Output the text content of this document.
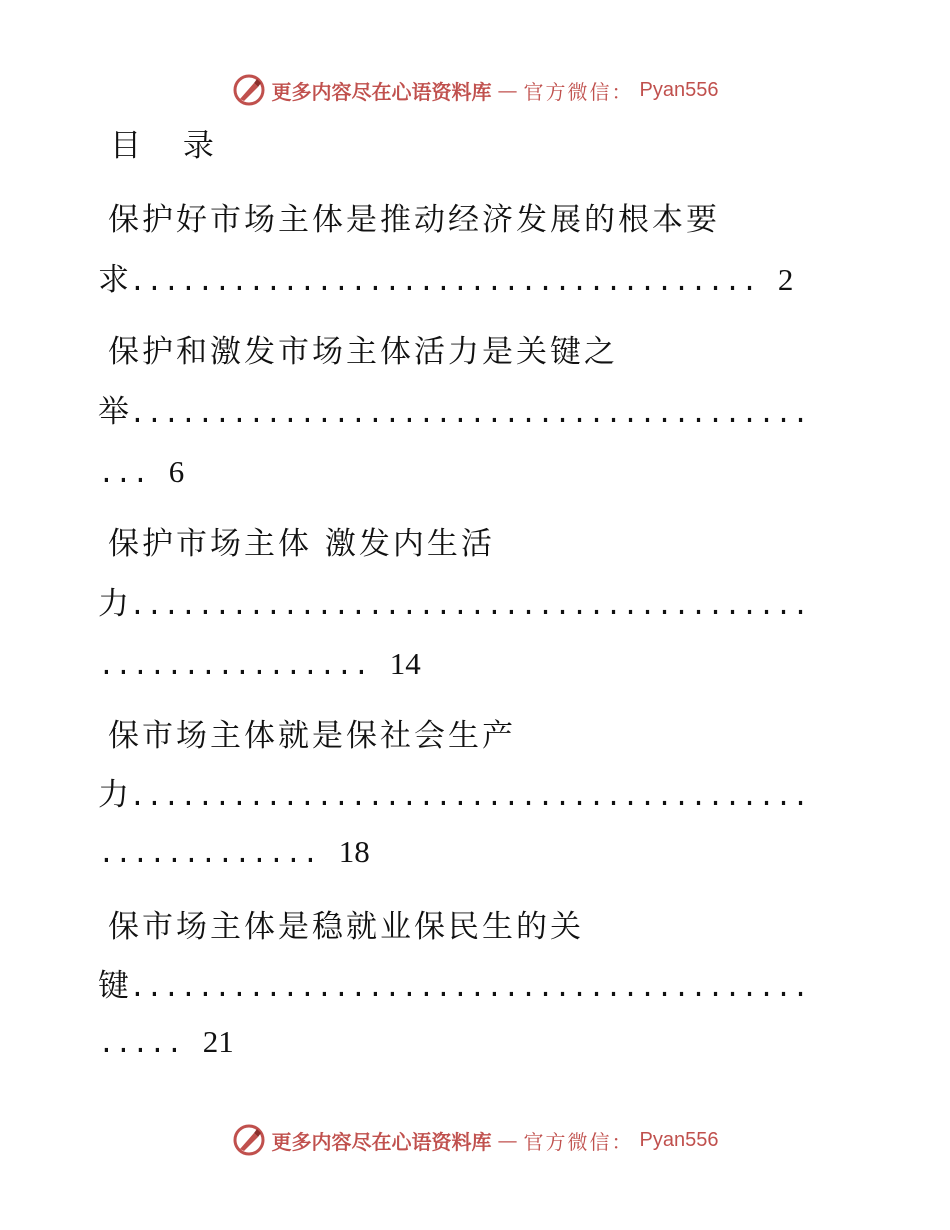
更多内容尽在心语资料库 — 官方微信： Pyan556
目 录
保护好市场主体是推动经济发展的根本要
求..................................... 2
保护和激发市场主体活力是关键之
举........................................
... 6
保护市场主体 激发内生活
力........................................
................ 14
保市场主体就是保社会生产
力........................................
............. 18
保市场主体是稳就业保民生的关
键........................................
..... 21
更多内容尽在心语资料库 — 官方微信： Pyan556
